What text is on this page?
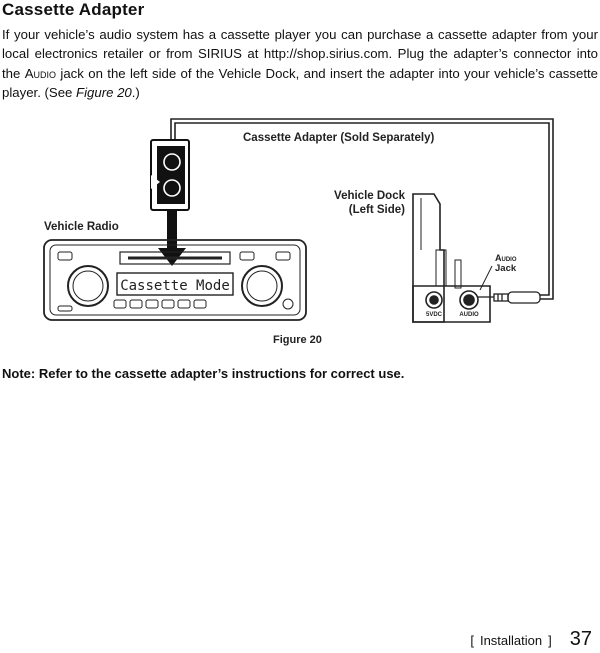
Cassette Adapter
If your vehicle’s audio system has a cassette player you can purchase a cassette adapter from your local electronics retailer or from SIRIUS at http://shop.sirius.com. Plug the adapter’s connector into the Audio jack on the left side of the Vehicle Dock, and insert the adapter into your vehicle’s cassette player. (See Figure 20.)
Cassette Mode
5VDC	AUDIO
Cassette Adapter (Sold Separately)
Vehicle Dock
(Left Side)
Vehicle Radio
Audio
Jack
Figure 20
Note: Refer to the cassette adapter’s instructions for correct use.
[ Installation ] 37
